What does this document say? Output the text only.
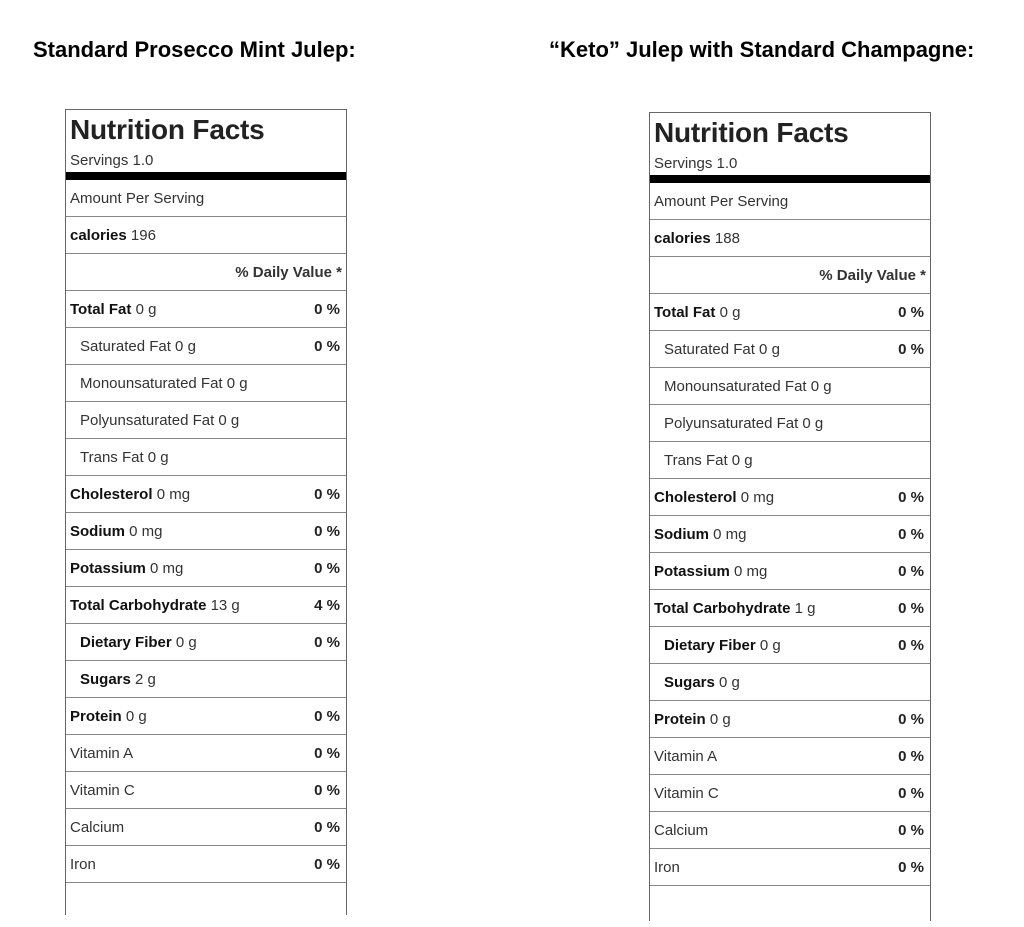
Standard Prosecco Mint Julep:	“Keto” Julep with Standard Champagne:
Nutrition Facts
Servings 1.0
Amount Per Serving
calories 196
% Daily Value *
Total Fat 0 g	0 %
Saturated Fat 0 g	0 %
Monounsaturated Fat 0 g
Polyunsaturated Fat 0 g
Trans Fat 0 g
Cholesterol 0 mg	0 %
Sodium 0 mg	0 %
Potassium 0 mg	0 %
Total Carbohydrate 13 g	4 %
Dietary Fiber 0 g	0 %
Sugars 2 g
Protein 0 g	0 %
Vitamin A	0 %
Vitamin C	0 %
Calcium	0 %
Iron	0 %
Nutrition Facts
Servings 1.0
Amount Per Serving
calories 188
% Daily Value *
Total Fat 0 g	0 %
Saturated Fat 0 g	0 %
Monounsaturated Fat 0 g
Polyunsaturated Fat 0 g
Trans Fat 0 g
Cholesterol 0 mg	0 %
Sodium 0 mg	0 %
Potassium 0 mg	0 %
Total Carbohydrate 1 g	0 %
Dietary Fiber 0 g	0 %
Sugars 0 g
Protein 0 g	0 %
Vitamin A	0 %
Vitamin C	0 %
Calcium	0 %
Iron	0 %
